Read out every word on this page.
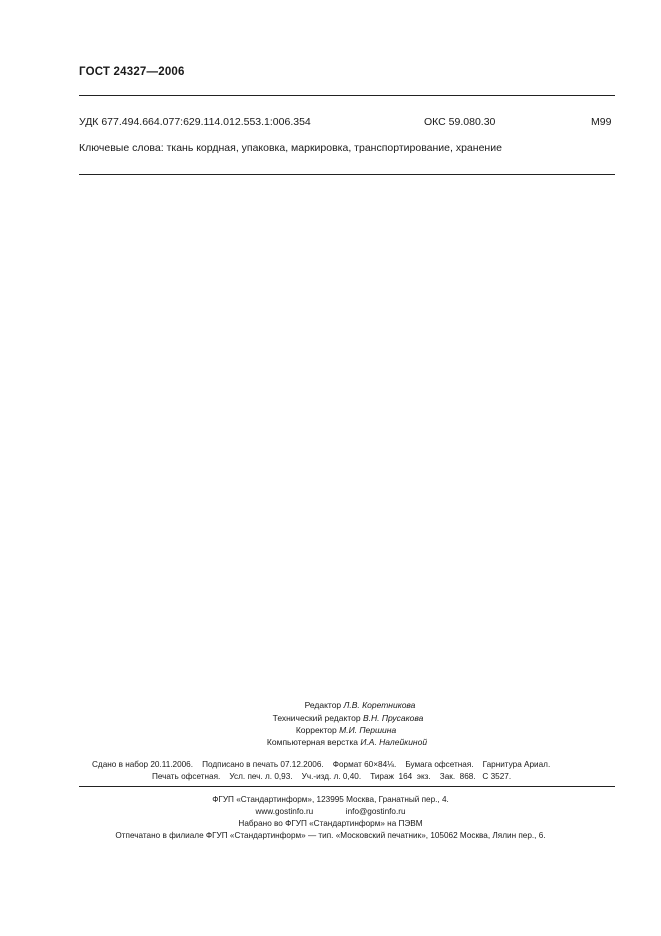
ГОСТ 24327—2006
УДК 677.494.664.077:629.114.012.553.1:006.354	ОКС 59.080.30	М99
Ключевые слова: ткань кордная, упаковка, маркировка, транспортирование, хранение
Редактор Л.В. Коретникова
Технический редактор В.Н. Прусакова
Корректор М.И. Першина
Компьютерная верстка И.А. Налейкиной
Сдано в набор 20.11.2006.    Подписано в печать 07.12.2006.    Формат 60×84⅛.    Бумага офсетная.    Гарнитура Ариал.
Печать офсетная.    Усл. печ. л. 0,93.    Уч.-изд. л. 0,40.    Тираж  164  экз.    Зак.  868.   С 3527.
ФГУП «Стандартинформ», 123995 Москва, Гранатный пер., 4.
www.gostinfo.ru	info@gostinfo.ru
Набрано во ФГУП «Стандартинформ» на ПЭВМ
Отпечатано в филиале ФГУП «Стандартинформ» — тип. «Московский печатник», 105062 Москва, Лялин пер., 6.
